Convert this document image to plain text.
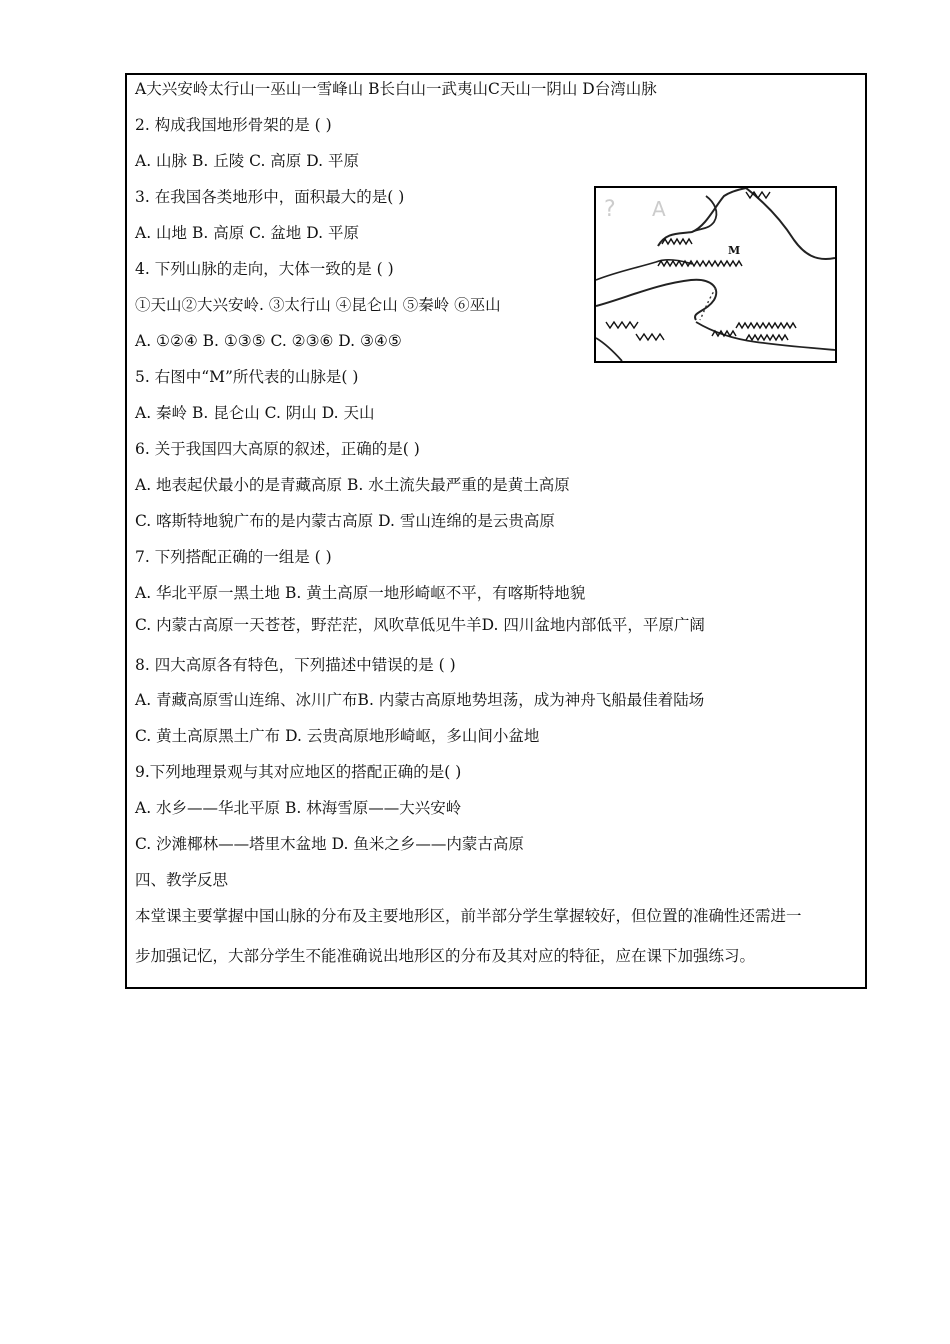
A大兴安岭太行山一巫山一雪峰山 B长白山一武夷山C天山一阴山 D台湾山脉
2. 构成我国地形骨架的是 ( )
A. 山脉 B. 丘陵 C. 高原 D. 平原
3. 在我国各类地形中，面积最大的是( )
A. 山地 B. 高原 C. 盆地 D. 平原
4. 下列山脉的走向，大体一致的是 ( )
①天山②大兴安岭. ③太行山 ④昆仑山 ⑤秦岭 ⑥巫山
A. ①②④ B. ①③⑤ C. ②③⑥ D. ③④⑤
5. 右图中“M”所代表的山脉是( )
A. 秦岭 B. 昆仑山 C. 阴山 D. 天山
6. 关于我国四大高原的叙述，正确的是( )
A. 地表起伏最小的是青藏高原 B. 水土流失最严重的是黄土高原
C. 喀斯特地貌广布的是内蒙古高原 D. 雪山连绵的是云贵高原
7. 下列搭配正确的一组是 ( )
A. 华北平原一黑土地 B. 黄土高原一地形崎岖不平，有喀斯特地貌
C. 内蒙古高原一天苍苍，野茫茫，风吹草低见牛羊D. 四川盆地内部低平，平原广阔
8. 四大高原各有特色，下列描述中错误的是 ( )
A. 青藏高原雪山连绵、冰川广布B. 内蒙古高原地势坦荡，成为神舟飞船最佳着陆场
C. 黄土高原黑土广布 D. 云贵高原地形崎岖，多山间小盆地
9.下列地理景观与其对应地区的搭配正确的是( )
A. 水乡——华北平原 B. 林海雪原——大兴安岭
C. 沙滩椰林——塔里木盆地 D. 鱼米之乡——内蒙古高原
四、教学反思
本堂课主要掌握中国山脉的分布及主要地形区，前半部分学生掌握较好，但位置的准确性还需进一
步加强记忆，大部分学生不能准确说出地形区的分布及其对应的特征，应在课下加强练习。
? A
M
